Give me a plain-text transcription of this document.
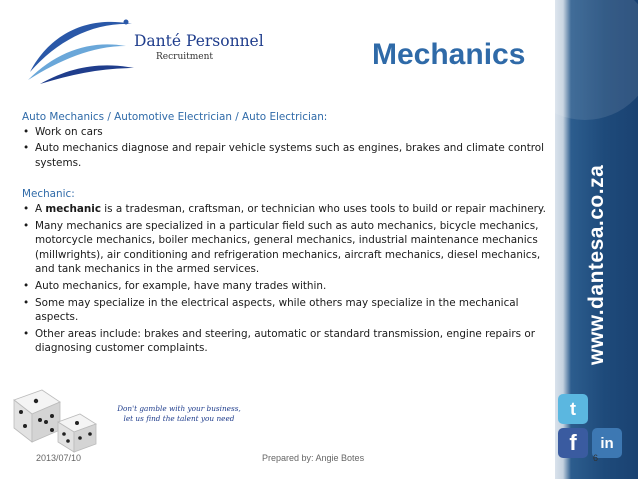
Danté Personnel
Recruitment	Mechanics

Auto Mechanics / Automotive Electrician / Auto Electrician:

• Work on cars
• Auto mechanics diagnose and repair vehicle systems such as engines, brakes and climate control systems.

Mechanic:

• A mechanic is a tradesman, craftsman, or technician who uses tools to build or repair machinery.
• Many mechanics are specialized in a particular field such as auto mechanics, bicycle mechanics, motorcycle mechanics, boiler mechanics, general mechanics, industrial maintenance mechanics (millwrights), air conditioning and refrigeration mechanics, aircraft mechanics, diesel mechanics, and tank mechanics in the armed services.
• Auto mechanics, for example, have many trades within.
• Some may specialize in the electrical aspects, while others may specialize in the mechanical aspects.
• Other areas include: brakes and steering, automatic or standard transmission, engine repairs or diagnosing customer complaints.	www.dantesa.co.za
t
f	in
Don't gamble with your business,
let us find the talent you need
2013/07/10	Prepared by: Angie Botes	6
